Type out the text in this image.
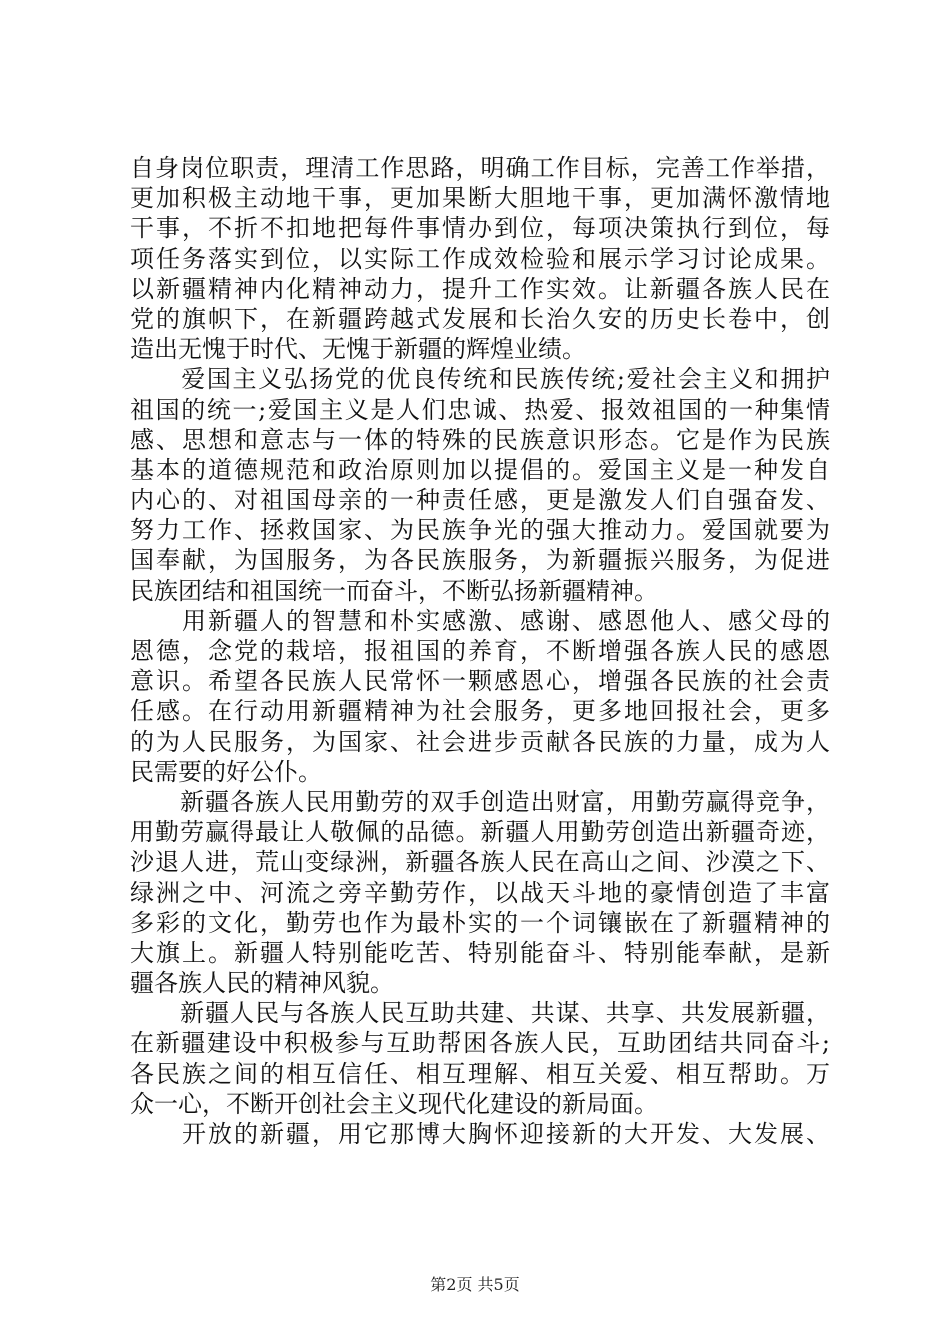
自身岗位职责，理清工作思路，明确工作目标，完善工作举措，
更加积极主动地干事，更加果断大胆地干事，更加满怀激情地
干事，不折不扣地把每件事情办到位，每项决策执行到位，每
项任务落实到位，以实际工作成效检验和展示学习讨论成果。
以新疆精神内化精神动力，提升工作实效。让新疆各族人民在
党的旗帜下，在新疆跨越式发展和长治久安的历史长卷中，创
造出无愧于时代、无愧于新疆的辉煌业绩。
　　爱国主义弘扬党的优良传统和民族传统;爱社会主义和拥护
祖国的统一;爱国主义是人们忠诚、热爱、报效祖国的一种集情
感、思想和意志与一体的特殊的民族意识形态。它是作为民族
基本的道德规范和政治原则加以提倡的。爱国主义是一种发自
内心的、对祖国母亲的一种责任感，更是激发人们自强奋发、
努力工作、拯救国家、为民族争光的强大推动力。爱国就要为
国奉献，为国服务，为各民族服务，为新疆振兴服务，为促进
民族团结和祖国统一而奋斗，不断弘扬新疆精神。
　　用新疆人的智慧和朴实感激、感谢、感恩他人、感父母的
恩德，念党的栽培，报祖国的养育，不断增强各族人民的感恩
意识。希望各民族人民常怀一颗感恩心，增强各民族的社会责
任感。在行动用新疆精神为社会服务，更多地回报社会，更多
的为人民服务，为国家、社会进步贡献各民族的力量，成为人
民需要的好公仆。
　　新疆各族人民用勤劳的双手创造出财富，用勤劳赢得竞争，
用勤劳赢得最让人敬佩的品德。新疆人用勤劳创造出新疆奇迹，
沙退人进，荒山变绿洲，新疆各族人民在高山之间、沙漠之下、
绿洲之中、河流之旁辛勤劳作，以战天斗地的豪情创造了丰富
多彩的文化，勤劳也作为最朴实的一个词镶嵌在了新疆精神的
大旗上。新疆人特别能吃苦、特别能奋斗、特别能奉献，是新
疆各族人民的精神风貌。
　　新疆人民与各族人民互助共建、共谋、共享、共发展新疆，
在新疆建设中积极参与互助帮困各族人民，互助团结共同奋斗;
各民族之间的相互信任、相互理解、相互关爱、相互帮助。万
众一心，不断开创社会主义现代化建设的新局面。
　　开放的新疆，用它那博大胸怀迎接新的大开发、大发展、
第2页 共5页
